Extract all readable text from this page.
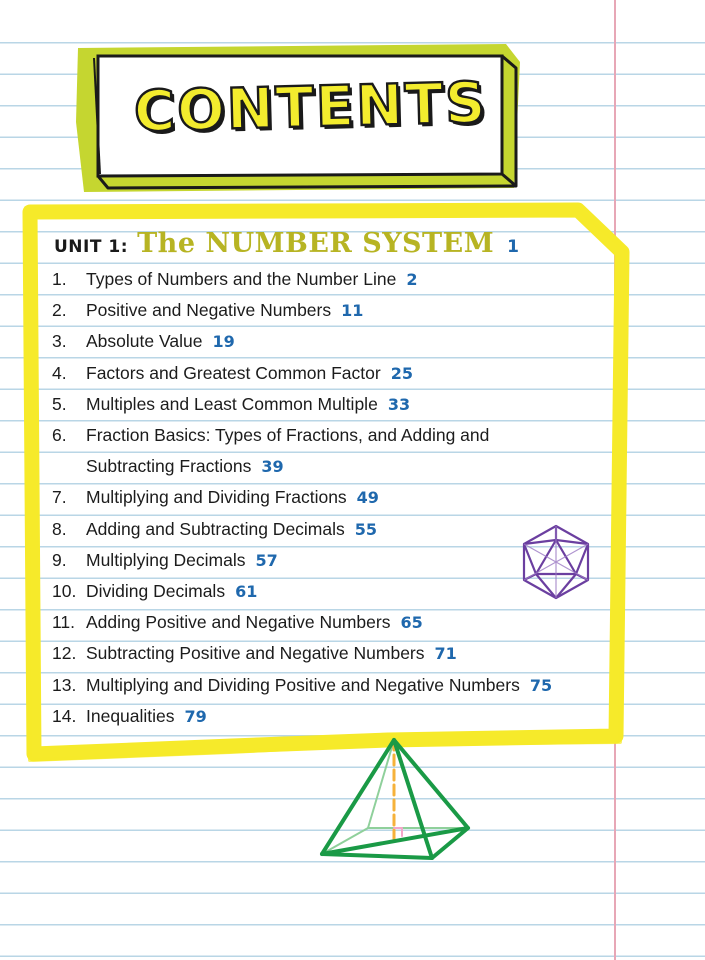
CONTENTS
UNIT 1: The NUMBER SYSTEM 1
1. Types of Numbers and the Number Line 2
2. Positive and Negative Numbers 11
3. Absolute Value 19
4. Factors and Greatest Common Factor 25
5. Multiples and Least Common Multiple 33
6. Fraction Basics: Types of Fractions, and Adding and Subtracting Fractions 39
7. Multiplying and Dividing Fractions 49
8. Adding and Subtracting Decimals 55
9. Multiplying Decimals 57
10. Dividing Decimals 61
11. Adding Positive and Negative Numbers 65
12. Subtracting Positive and Negative Numbers 71
13. Multiplying and Dividing Positive and Negative Numbers 75
14. Inequalities 79
